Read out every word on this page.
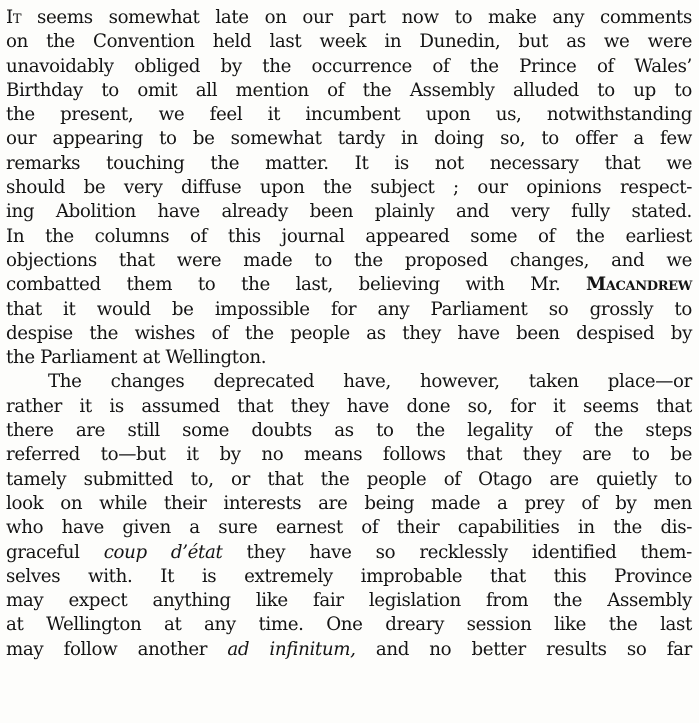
It seems somewhat late on our part now to make any comments
on the Convention held last week in Dunedin, but as we were
unavoidably obliged by the occurrence of the Prince of Wales’
Birthday to omit all mention of the Assembly alluded to up to
the present, we feel it incumbent upon us, notwithstanding
our appearing to be somewhat tardy in doing so, to offer a few
remarks touching the matter. It is not necessary that we
should be very diffuse upon the subject ; our opinions respect-
ing Abolition have already been plainly and very fully stated.
In the columns of this journal appeared some of the earliest
objections that were made to the proposed changes, and we
combatted them to the last, believing with Mr. Macandrew
that it would be impossible for any Parliament so grossly to
despise the wishes of the people as they have been despised by
the Parliament at Wellington.
The changes deprecated have, however, taken place—or
rather it is assumed that they have done so, for it seems that
there are still some doubts as to the legality of the steps
referred to—but it by no means follows that they are to be
tamely submitted to, or that the people of Otago are quietly to
look on while their interests are being made a prey of by men
who have given a sure earnest of their capabilities in the dis-
graceful coup d’état they have so recklessly identified them-
selves with. It is extremely improbable that this Province
may expect anything like fair legislation from the Assembly
at Wellington at any time. One dreary session like the last
may follow another ad infinitum, and no better results so far
